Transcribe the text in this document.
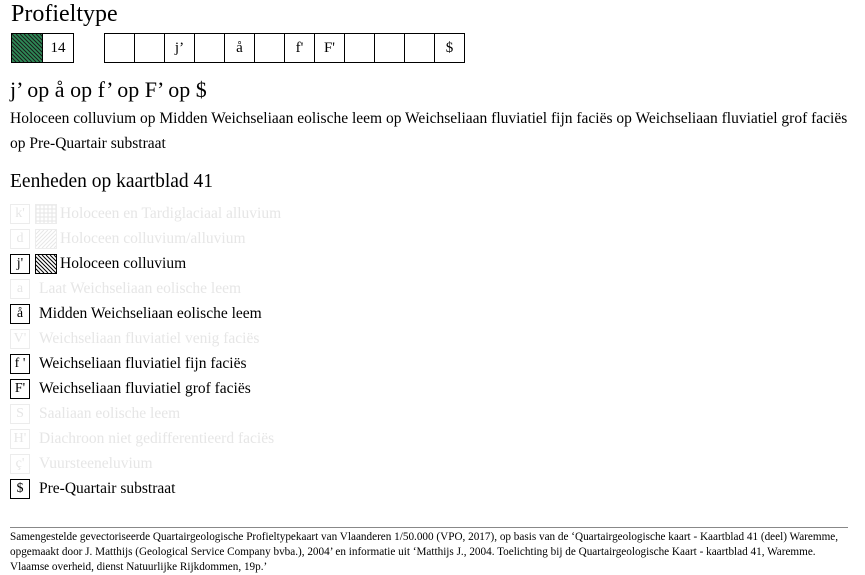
Profieltype
14	j’	å	f'	F'	$
j’ op å op f’ op F’ op $
Holoceen colluvium op Midden Weichseliaan eolische leem op Weichseliaan fluviatiel fijn faciës op Weichseliaan fluviatiel grof faciës op Pre-Quartair substraat
Eenheden op kaartblad 41
k'	Holoceen en Tardiglaciaal alluvium
d	Holoceen colluvium/alluvium
j'	Holoceen colluvium
a	Laat Weichseliaan eolische leem
å	Midden Weichseliaan eolische leem
V' Weichseliaan fluviatiel venig faciës
f ' Weichseliaan fluviatiel fijn faciës
F' Weichseliaan fluviatiel grof faciës
S Saaliaan eolische leem
H' Diachroon niet gedifferentieerd faciës
ç' Vuursteeneluvium
$	Pre-Quartair substraat
Samengestelde gevectoriseerde Quartairgeologische Profieltypekaart van Vlaanderen 1/50.000 (VPO, 2017), op basis van de ‘Quartairgeologische kaart - Kaartblad 41 (deel) Waremme, opgemaakt door J. Matthijs (Geological Service Company bvba.), 2004’ en informatie uit ‘Matthijs J., 2004. Toelichting bij de Quartairgeologische Kaart - kaartblad 41, Waremme. Vlaamse overheid, dienst Natuurlijke Rijkdommen, 19p.’
